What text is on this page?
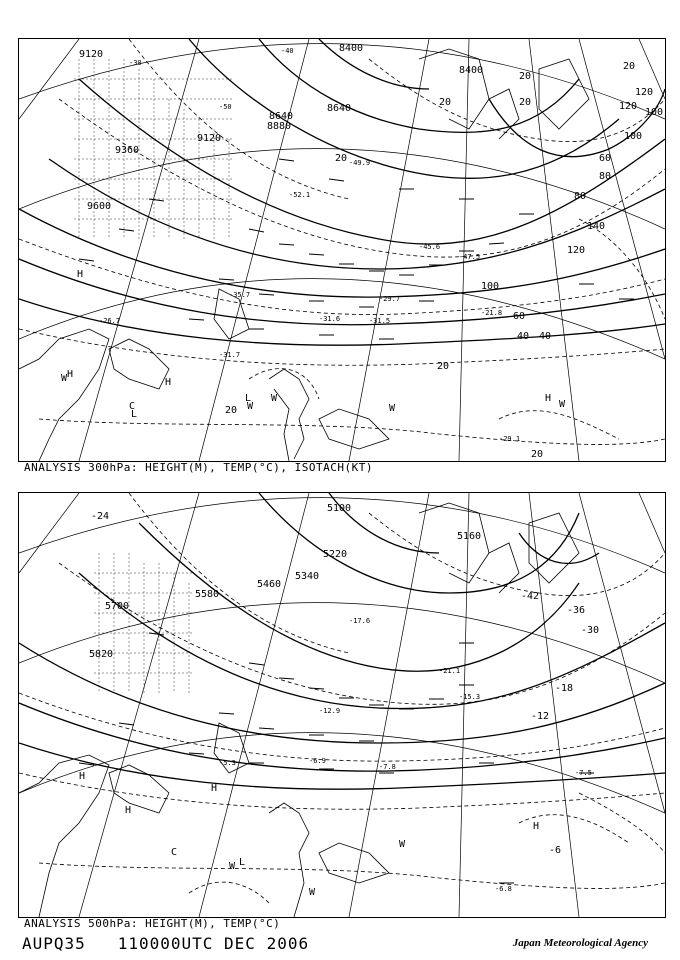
8400
8640
8880
9120
9360
9600
8640
8400
9120
20
40
60
80
100
120
140
120
100
80
60
40
20
20
20
20
20
20
20
100
120
-40
-50
-30
-49.9
-52.1
-45.6
-47.5
-35.7
-31.6
-29.7
-26.7
-21.8
-31.5
-31.7
-29.1
H
H
H
W
W	W	W
C
L
L
H
W
ANALYSIS 300hPa: HEIGHT(M), TEMP(°C), ISOTACH(KT)
5100
5220
5340
5460
5580
5700
5820
5160
-42
-36
-30
-18
-12
-6
-24
-17.6
-21.1
-15.3
-12.9
-7.8
-6.9
-5.3
-7.5
-6.8
H
H
H
H
C
W
W L
W
ANALYSIS 500hPa: HEIGHT(M), TEMP(°C)
AUPQ35 110000UTC DEC 2006	Japan Meteorological Agency
